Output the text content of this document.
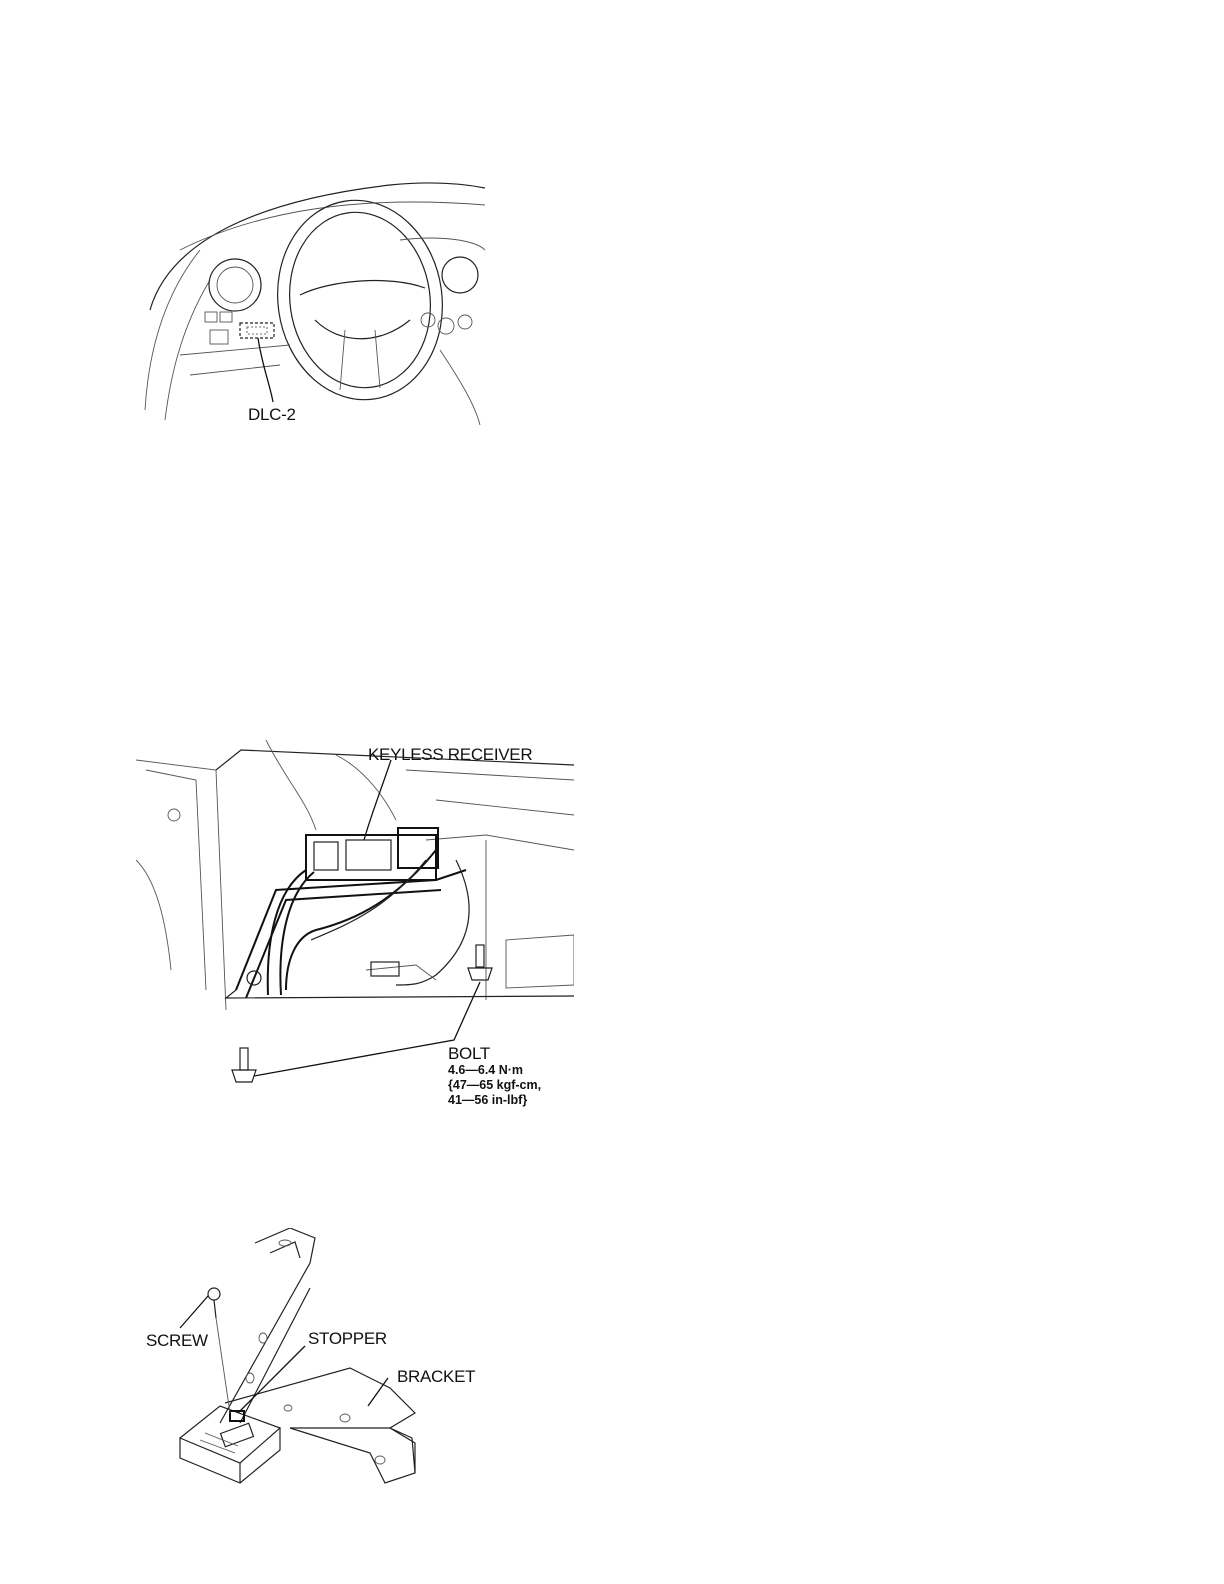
DLC-2
KEYLESS RECEIVER
BOLT
4.6—6.4 N·m
{47—65 kgf-cm,
41—56 in-lbf}
SCREW	STOPPER
BRACKET
